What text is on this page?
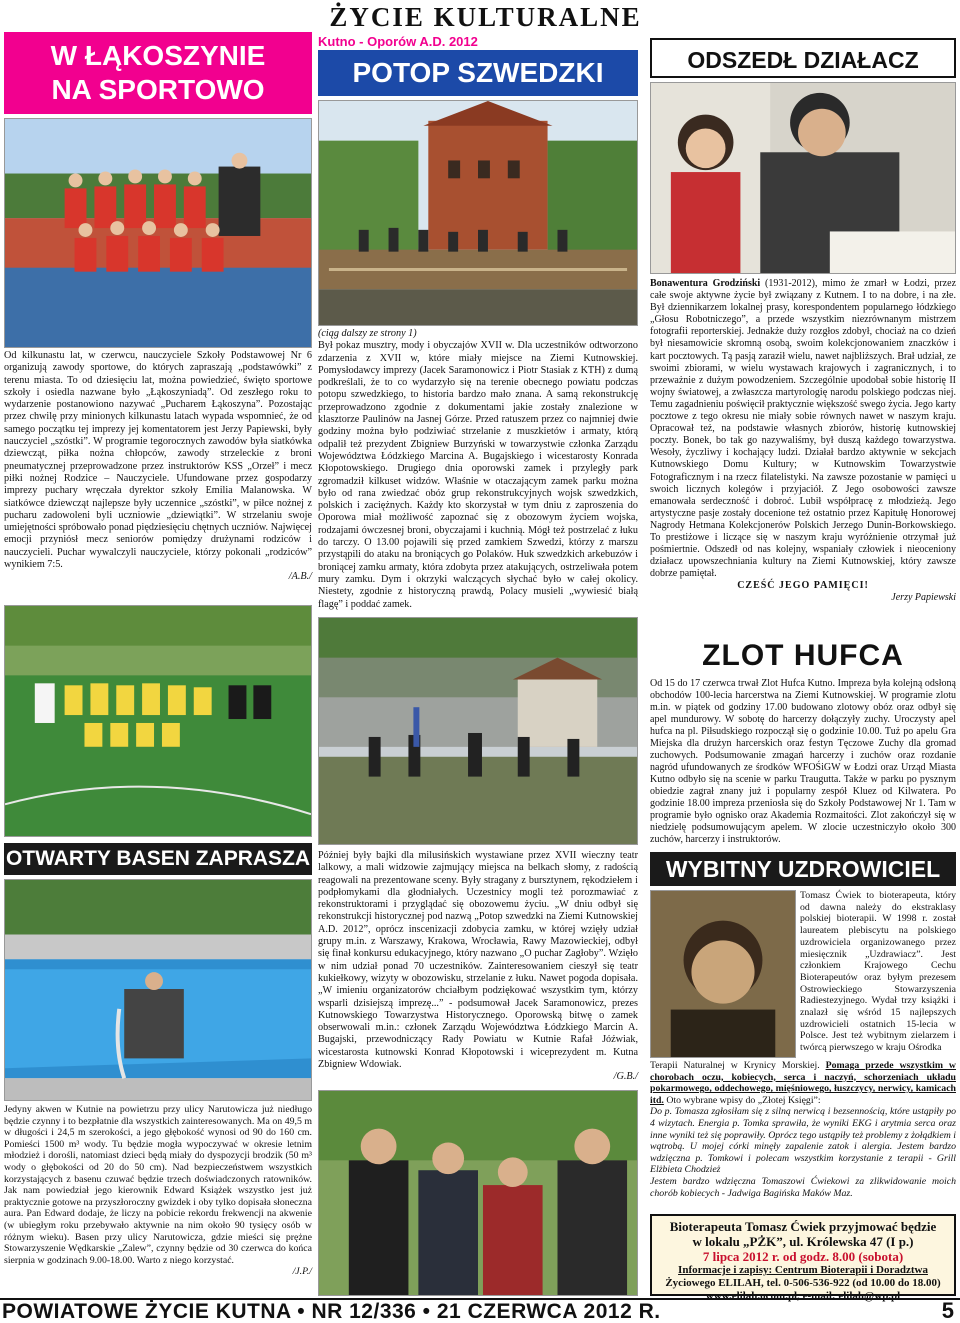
ŻYCIE KULTURALNE
W ŁĄKOSZYNIE
NA SPORTOWO

Od kilkunastu lat, w czerwcu, nauczyciele Szkoły Podstawowej Nr 6 organizują zawody sportowe, do których zapraszają „podstawówki” z terenu miasta. To od dziesięciu lat, można powiedzieć, święto sportowe szkoły i osiedla nazwane było „Łąkoszyniadą”. Od zeszłego roku to wydarzenie postanowiono nazywać „Pucharem Łąkoszyna”. Pozostając przez chwilę przy minionych kilkunastu latach wypada wspomnieć, że od samego początku tej imprezy jej komentatorem jest Jerzy Papiewski, były nauczyciel „szóstki”. W programie tegorocznych zawodów była siatkówka dziewcząt, piłka nożna chłopców, zawody strzeleckie z broni pneumatycznej przeprowadzone przez instruktorów KSS „Orzeł” i mecz piłki nożnej Rodzice – Nauczyciele. Ufundowane przez gospodarzy imprezy puchary wręczała dyrektor szkoły Emilia Malanowska. W siatkówce dziewcząt najlepsze były uczennice „szóstki”, w piłce nożnej z pucharu zadowoleni byli uczniowie „dziewiątki”. W strzelaniu swoje umiejętności spróbowało ponad piędziesięciu chętnych uczniów. Najwięcej emocji przyniósł mecz seniorów pomiędzy drużynami rodziców i nauczycieli. Puchar wywalczyli nauczyciele, którzy pokonali „rodziców” wynikiem 7:5.

/A.B./

OTWARTY BASEN ZAPRASZA

Jedyny akwen w Kutnie na powietrzu przy ulicy Narutowicza już niedługo będzie czynny i to bezpłatnie dla wszystkich zainteresowanych. Ma on 49,5 m w długości i 24,5 m szerokości, a jego głębokość wynosi od 90 do 160 cm. Pomieści 1500 m³ wody. Tu będzie mogła wypoczywać w okresie letnim młodzież i dorośli, natomiast dzieci będą miały do dyspozycji brodzik (50 m³ wody o głębokości od 20 do 50 cm). Nad bezpieczeństwem wszystkich korzystających z basenu czuwać będzie trzech doświadczonych ratowników. Jak nam powiedział jego kierownik Edward Książek wszystko jest już praktycznie gotowe na przyszłoroczny gwizdek i oby tylko dopisała słoneczna aura. Pan Edward dodaje, że liczy na pobicie rekordu frekwencji na akwenie (w ubiegłym roku przebywało aktywnie na nim około 90 tysięcy osób w różnym wieku). Basen przy ulicy Narutowicza, gdzie mieści się prężne Stowarzyszenie Wędkarskie „Zalew”, czynny będzie od 30 czerwca do końca sierpnia w godzinach 9.00-18.00. Warto z niego korzystać.

/J.P./

Kutno - Oporów A.D. 2012
POTOP SZWEDZKI

(ciąg dalszy ze strony 1)

Był pokaz musztry, mody i obyczajów XVII w. Dla uczestników odtworzono zdarzenia z XVII w, które miały miejsce na Ziemi Kutnowskiej. Pomysłodawcy imprezy (Jacek Saramonowicz i Piotr Stasiak z KTH) z dumą podkreślali, że to co wydarzyło się na terenie obecnego powiatu podczas potopu szwedzkiego, to historia bardzo mało znana. A samą rekonstrukcję przeprowadzono zgodnie z dokumentami jakie zostały znalezione w klasztorze Paulinów na Jasnej Górze. Przed ratuszem przez co najmniej dwie godziny można było podziwiać strzelanie z muszkietów i armaty, którą odpalił też prezydent Zbigniew Burzyński w towarzystwie członka Zarządu Województwa Łódzkiego Marcina A. Bugajskiego i wicestarosty Konrada Kłopotowskiego. Drugiego dnia oporowski zamek i przyległy park zgromadził kilkuset widzów. Właśnie w otaczającym zamek parku można było od rana zwiedzać obóz grup rekonstrukcyjnych wojsk szwedzkich, polskich i zaciężnych. Każdy kto skorzystał w tym dniu z zaproszenia do Oporowa miał możliwość zapoznać się z obozowym życiem wojska, rodzajami ówczesnej broni, obyczajami i kuchnią. Mógł też postrzelać z łuku do tarczy. O 13.00 pojawili się przed zamkiem Szwedzi, którzy z marszu przystąpili do ataku na broniących go Polaków. Huk szwedzkich arkebuzów i broniącej zamku armaty, która zdobyta przez atakujących, ostrzeliwała potem mury zamku. Dym i okrzyki walczących słychać było w całej okolicy. Niestety, zgodnie z historyczną prawdą, Polacy musieli „wywiesić białą flagę” i poddać zamek.

Później były bajki dla milusińskich wystawiane przez XVII wieczny teatr lalkowy, a mali widzowie zajmujący miejsca na belkach słomy, z radością reagowali na prezentowane sceny. Były stragany z bursztynem, rękodziełem i podpłomykami dla głodniałych. Uczestnicy mogli też porozmawiać z rekonstruktorami i przyglądać się obozowemu życiu. „W dniu odbył się rekonstrukcji historycznej pod nazwą „Potop szwedzki na Ziemi Kutnowskiej A.D. 2012”, oprócz inscenizacji zdobycia zamku, w której wzięły udział grupy m.in. z Warszawy, Krakowa, Wrocławia, Rawy Mazowieckiej, odbył się finał konkursu edukacyjnego, który nazwano „O puchar Zagłoby”. Wzięło w nim udział ponad 70 uczestników. Zainteresowaniem cieszył się teatr kukiełkowy, wizyty w obozowisku, strzelanie z łuku. Nawet pogoda dopisała. „W imieniu organizatorów chciałbym podziękować wszystkim tym, którzy wsparli dzisiejszą imprezę...” - podsumował Jacek Saramonowicz, prezes Kutnowskiego Towarzystwa Historycznego. Oporowską bitwę o zamek obserwowali m.in.: członek Zarządu Województwa Łódzkiego Marcin A. Bugajski, przewodniczący Rady Powiatu w Kutnie Rafał Jóźwiak, wicestarosta kutnowski Konrad Kłopotowski i wiceprezydent m. Kutna Zbigniew Wdowiak.

/G.B./

ODSZEDŁ DZIAŁACZ

Bonawentura Grodziński (1931-2012), mimo że zmarł w Łodzi, przez całe swoje aktywne życie był związany z Kutnem. I to na dobre, i na złe. Był dziennikarzem lokalnej prasy, korespondentem popularnego łódzkiego „Głosu Robotniczego”, a przede wszystkim niezrównanym mistrzem fotografii reporterskiej. Jednakże duży rozgłos zdobył, chociaż na co dzień był niesamowicie skromną osobą, swoim kolekcjonowaniem znaczków i kart pocztowych. Tą pasją zaraził wielu, nawet najbliższych. Brał udział, ze swoimi zbiorami, w wielu wystawach krajowych i zagranicznych, i to przeważnie z dużym powodzeniem. Szczególnie upodobał sobie historię II wojny światowej, a zwłaszcza martyrologię narodu polskiego podczas niej. Temu zagadnieniu poświęcił praktycznie większość swego życia. Jego karty pocztowe z tego okresu nie miały sobie równych nawet w naszym kraju. Opracował też, na podstawie własnych zbiorów, historię kutnowskiej poczty. Bonek, bo tak go nazywaliśmy, był duszą każdego towarzystwa. Wesoły, życzliwy i kochający ludzi. Działał bardzo aktywnie w sekcjach Kutnowskiego Domu Kultury; w Kutnowskim Towarzystwie Fotograficznym i na rzecz filatelistyki. Na zawsze pozostanie w pamięci u swoich licznych kolegów i przyjaciół. Z Jego osobowości zawsze emanowała serdeczność i dobroć. Lubił współpracę z młodzieżą. Jego artystyczne pasje zostały docenione też ostatnio przez Kapitułę Honorowej Nagrody Hetmana Kolekcjonerów Polskich Jerzego Dunin-Borkowskiego. To prestiżowe i liczące się w naszym kraju wyróżnienie otrzymał już pośmiertnie. Odszedł od nas kolejny, wspaniały człowiek i nieoceniony działacz upowszechniania kultury na Ziemi Kutnowskiej, który zawsze dobrze pamiętał.

CZEŚĆ JEGO PAMIĘCI!

Jerzy Papiewski

ZLOT HUFCA

Od 15 do 17 czerwca trwał Zlot Hufca Kutno. Impreza była kolejną odsłoną obchodów 100-lecia harcerstwa na Ziemi Kutnowskiej. W programie zlotu m.in. w piątek od godziny 17.00 budowano zlotowy obóz oraz odbył się apel mundurowy. W sobotę do harcerzy dołączyły zuchy. Uroczysty apel hufca na pl. Piłsudskiego rozpoczął się o godzinie 10.00. Tuż po apelu Gra Miejska dla drużyn harcerskich oraz festyn Tęczowe Zuchy dla gromad zuchowych. Podsumowanie zmagań harcerzy i zuchów oraz rozdanie nagród ufundowanych ze środków WFOŚiGW w Łodzi oraz Urząd Miasta Kutno odbyło się na scenie w parku Traugutta. Także w parku po pysznym obiedzie zagrał znany już i popularny zespół Kluez od Kilwatera. Po godzinie 18.00 impreza przeniosła się do Szkoły Podstawowej Nr 1. Tam w programie było ognisko oraz Akademia Rozmaitości. Zlot zakończył się w niedzielę podsumowującym apelem. W zlocie uczestniczyło około 300 zuchów, harcerzy i instruktorów.

WYBITNY UZDROWICIEL

Tomasz Ćwiek to bioterapeuta, który od dawna należy do ekstraklasy polskiej bioterapii. W 1998 r. został laureatem plebiscytu na polskiego uzdrowiciela organizowanego przez miesięcznik „Uzdrawiacz”. Jest członkiem Krajowego Cechu Bioterapeutów oraz byłym prezesem Ostrowieckiego Stowarzyszenia Radiestezyjnego. Wydał trzy książki i znalazł się wśród 15 najlepszych uzdrowicieli ostatnich 15-lecia w Polsce. Jest też wybitnym zielarzem i twórcą pierwszego w kraju Ośrodka

Terapii Naturalnej w Krynicy Morskiej. Pomaga przede wszystkim w chorobach oczu, kobiecych, serca i naczyń, schorzeniach układu pokarmowego, oddechowego, mięśniowego, łuszczycy, nerwicy, kamicach itd. Oto wybrane wpisy do „Złotej Księgi”:

Do p. Tomasza zgłosiłam się z silną nerwicą i bezsennością, które ustąpiły po 4 wizytach. Energia p. Tomka sprawiła, że wyniki EKG i arytmia serca oraz inne wyniki też się poprawiły. Oprócz tego ustąpiły też problemy z żołądkiem i wątrobą. U mojej córki minęły zapalenie zatok i alergia. Jestem bardzo wdzięczna p. Tomkowi i polecam wszystkim korzystanie z terapii - Grill Elżbieta Chodzież

Jestem bardzo wdzięczna Tomaszowi Ćwiekowi za zlikwidowanie moich chorób kobiecych - Jadwiga Bagińska Maków Maz.

Bioterapeuta Tomasz Ćwiek przyjmować będzie
w lokalu „PŻK”, ul. Królewska 47 (I p.)
7 lipca 2012 r. od godz. 8.00 (sobota)
Informacje i zapisy: Centrum Bioterapii i Doradztwa
Życiowego ELILAH, tel. 0-506-536-922 (od 10.00 do 18.00)
www.elilah.ocom.pl, e-mail: elilah@wp.pl
POWIATOWE ŻYCIE KUTNA • NR 12/336 • 21 CZERWCA 2012 R.	5
